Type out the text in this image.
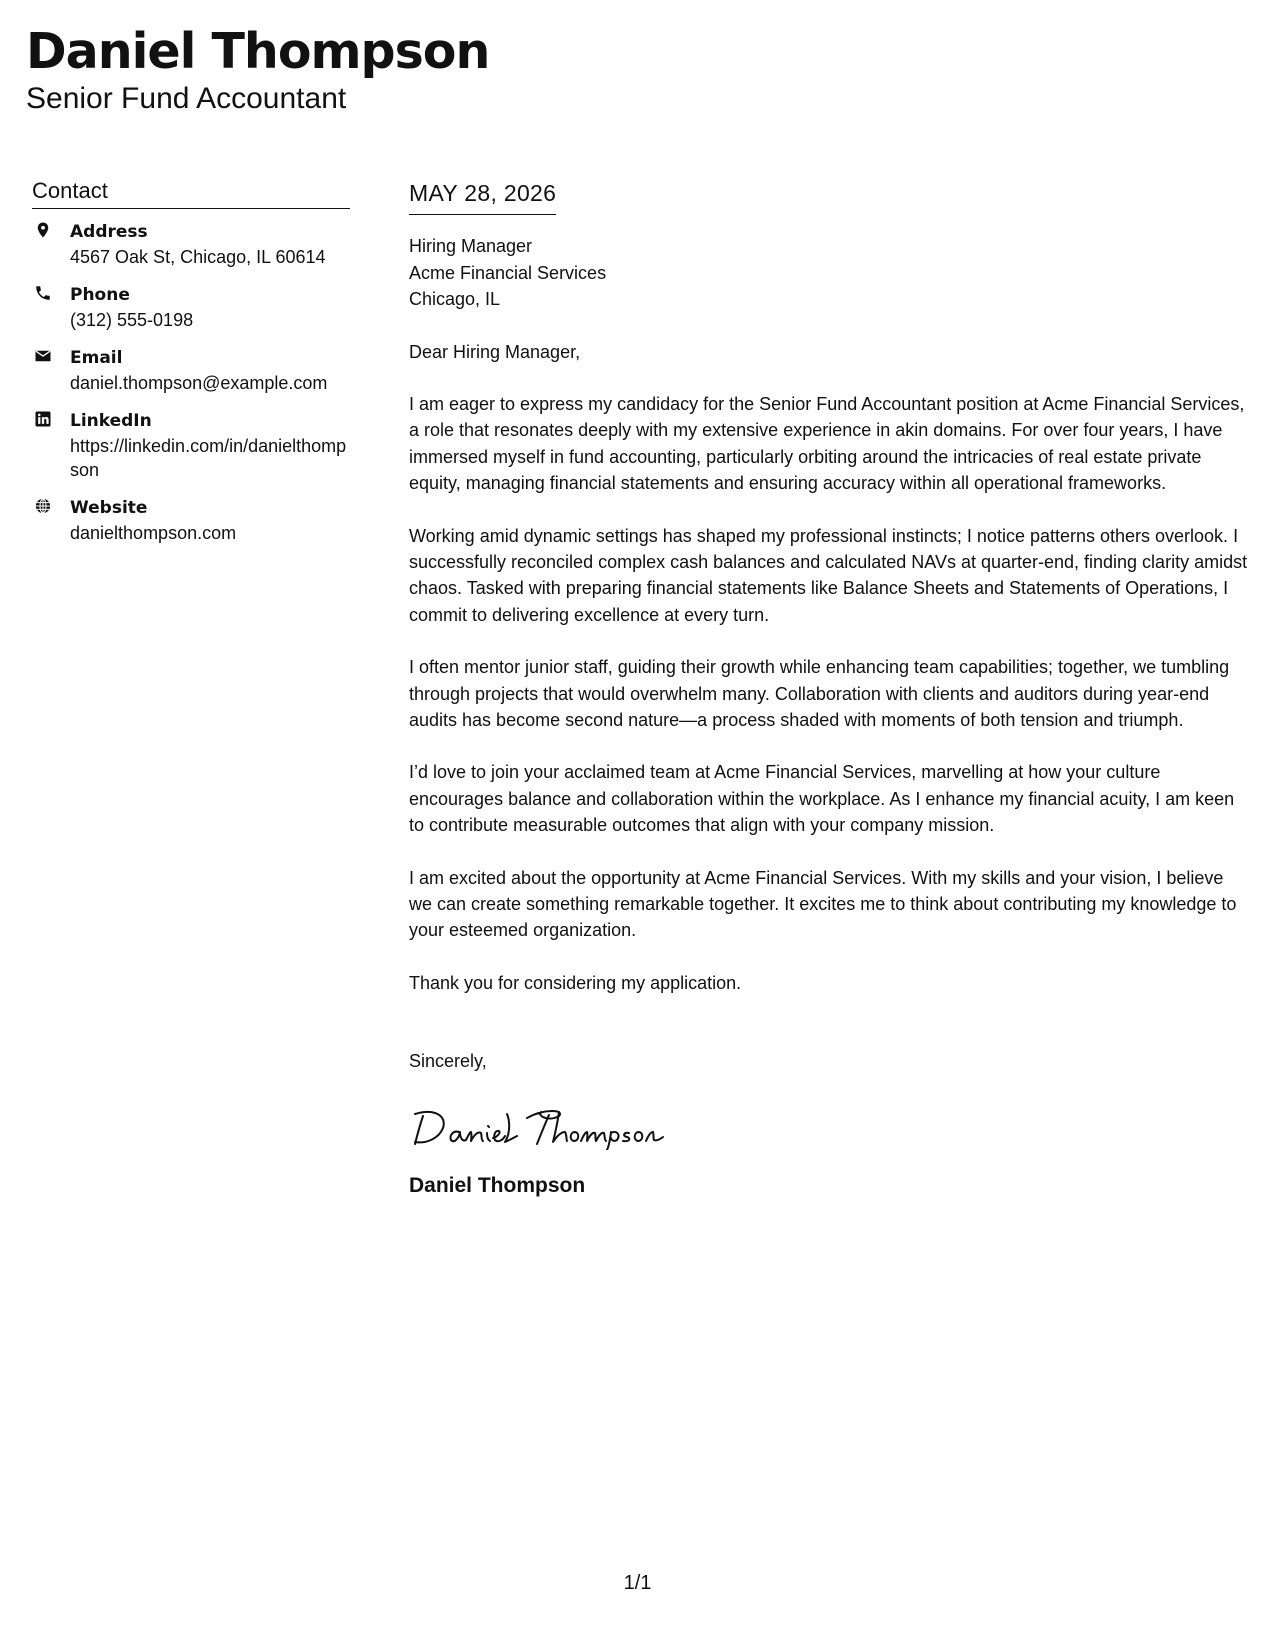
Daniel Thompson
Senior Fund Accountant
Contact
Address
4567 Oak St, Chicago, IL 60614
Phone
(312) 555-0198
Email
daniel.thompson@example.com
LinkedIn
https://linkedin.com/in/danielthompson
Website
danielthompson.com
MAY 28, 2026
Hiring Manager
Acme Financial Services
Chicago, IL

Dear Hiring Manager,

I am eager to express my candidacy for the Senior Fund Accountant position at Acme Financial Services, a role that resonates deeply with my extensive experience in akin domains. For over four years, I have immersed myself in fund accounting, particularly orbiting around the intricacies of real estate private equity, managing financial statements and ensuring accuracy within all operational frameworks.

Working amid dynamic settings has shaped my professional instincts; I notice patterns others overlook. I successfully reconciled complex cash balances and calculated NAVs at quarter-end, finding clarity amidst chaos. Tasked with preparing financial statements like Balance Sheets and Statements of Operations, I commit to delivering excellence at every turn.

I often mentor junior staff, guiding their growth while enhancing team capabilities; together, we tumbling through projects that would overwhelm many. Collaboration with clients and auditors during year-end audits has become second nature—a process shaded with moments of both tension and triumph.

I’d love to join your acclaimed team at Acme Financial Services, marvelling at how your culture encourages balance and collaboration within the workplace. As I enhance my financial acuity, I am keen to contribute measurable outcomes that align with your company mission.

I am excited about the opportunity at Acme Financial Services. With my skills and your vision, I believe we can create something remarkable together. It excites me to think about contributing my knowledge to your esteemed organization.

Thank you for considering my application.

Sincerely,
Daniel Thompson
1/1
